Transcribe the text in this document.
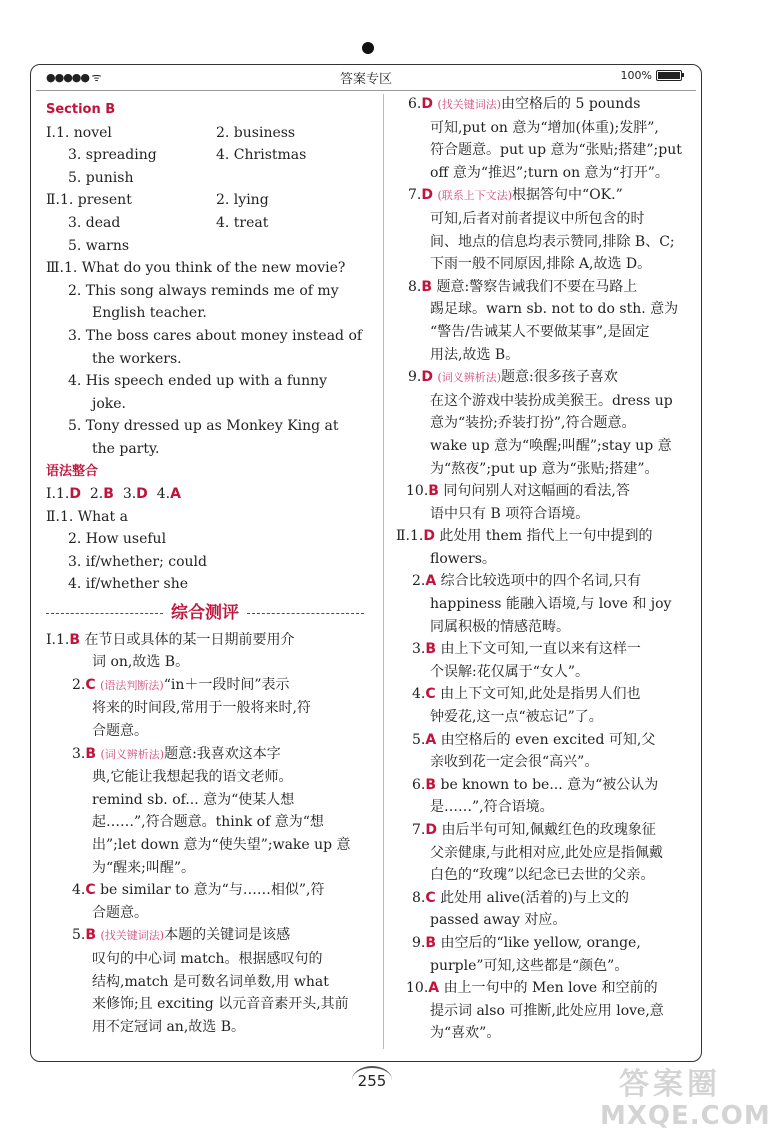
●●●●● ᯤ	答案专区	100%
Section B
Ⅰ.1. novel	2. business
3. spreading	4. Christmas
5. punish
Ⅱ.1. present	2. lying
3. dead	4. treat
5. warns
Ⅲ.1. What do you think of the new movie?
2. This song always reminds me of my
English teacher.
3. The boss cares about money instead of
the workers.
4. His speech ended up with a funny
joke.
5. Tony dressed up as Monkey King at
the party.
语法整合
Ⅰ.1.D 2.B 3.D 4.A
Ⅱ.1. What a
2. How useful
3. if/whether; could
4. if/whether she
综合测评
Ⅰ.1.B 在节日或具体的某一日期前要用介
词 on,故选 B。
2.C (语法判断法)“in＋一段时间”表示
将来的时间段,常用于一般将来时,符
合题意。
3.B (词义辨析法)题意:我喜欢这本字
典,它能让我想起我的语文老师。
remind sb. of... 意为“使某人想
起……”,符合题意。think of 意为“想
出”;let down 意为“使失望”;wake up 意
为“醒来;叫醒”。
4.C be similar to 意为“与……相似”,符
合题意。
5.B (找关键词法)本题的关键词是该感
叹句的中心词 match。根据感叹句的
结构,match 是可数名词单数,用 what
来修饰;且 exciting 以元音音素开头,其前
用不定冠词 an,故选 B。
6.D (找关键词法)由空格后的 5 pounds
可知,put on 意为“增加(体重);发胖”,
符合题意。put up 意为“张贴;搭建”;put
off 意为“推迟”;turn on 意为“打开”。
7.D (联系上下文法)根据答句中“OK.”
可知,后者对前者提议中所包含的时
间、地点的信息均表示赞同,排除 B、C;
下雨一般不同原因,排除 A,故选 D。
8.B 题意:警察告诫我们不要在马路上
踢足球。warn sb. not to do sth. 意为
“警告/告诫某人不要做某事”,是固定
用法,故选 B。
9.D (词义辨析法)题意:很多孩子喜欢
在这个游戏中装扮成美猴王。dress up
意为“装扮;乔装打扮”,符合题意。
wake up 意为“唤醒;叫醒”;stay up 意
为“熬夜”;put up 意为“张贴;搭建”。
10.B 同句问别人对这幅画的看法,答
语中只有 B 项符合语境。
Ⅱ.1.D 此处用 them 指代上一句中提到的
flowers。
2.A 综合比较选项中的四个名词,只有
happiness 能融入语境,与 love 和 joy
同属积极的情感范畴。
3.B 由上下文可知,一直以来有这样一
个误解:花仅属于“女人”。
4.C 由上下文可知,此处是指男人们也
钟爱花,这一点“被忘记”了。
5.A 由空格后的 even excited 可知,父
亲收到花一定会很“高兴”。
6.B be known to be... 意为“被公认为
是……”,符合语境。
7.D 由后半句可知,佩戴红色的玫瑰象征
父亲健康,与此相对应,此处应是指佩戴
白色的“玫瑰”以纪念已去世的父亲。
8.C 此处用 alive(活着的)与上文的
passed away 对应。
9.B 由空后的“like yellow, orange,
purple”可知,这些都是“颜色”。
10.A 由上一句中的 Men love 和空前的
提示词 also 可推断,此处应用 love,意
为“喜欢”。
255	答案圈
MXQE.COM
